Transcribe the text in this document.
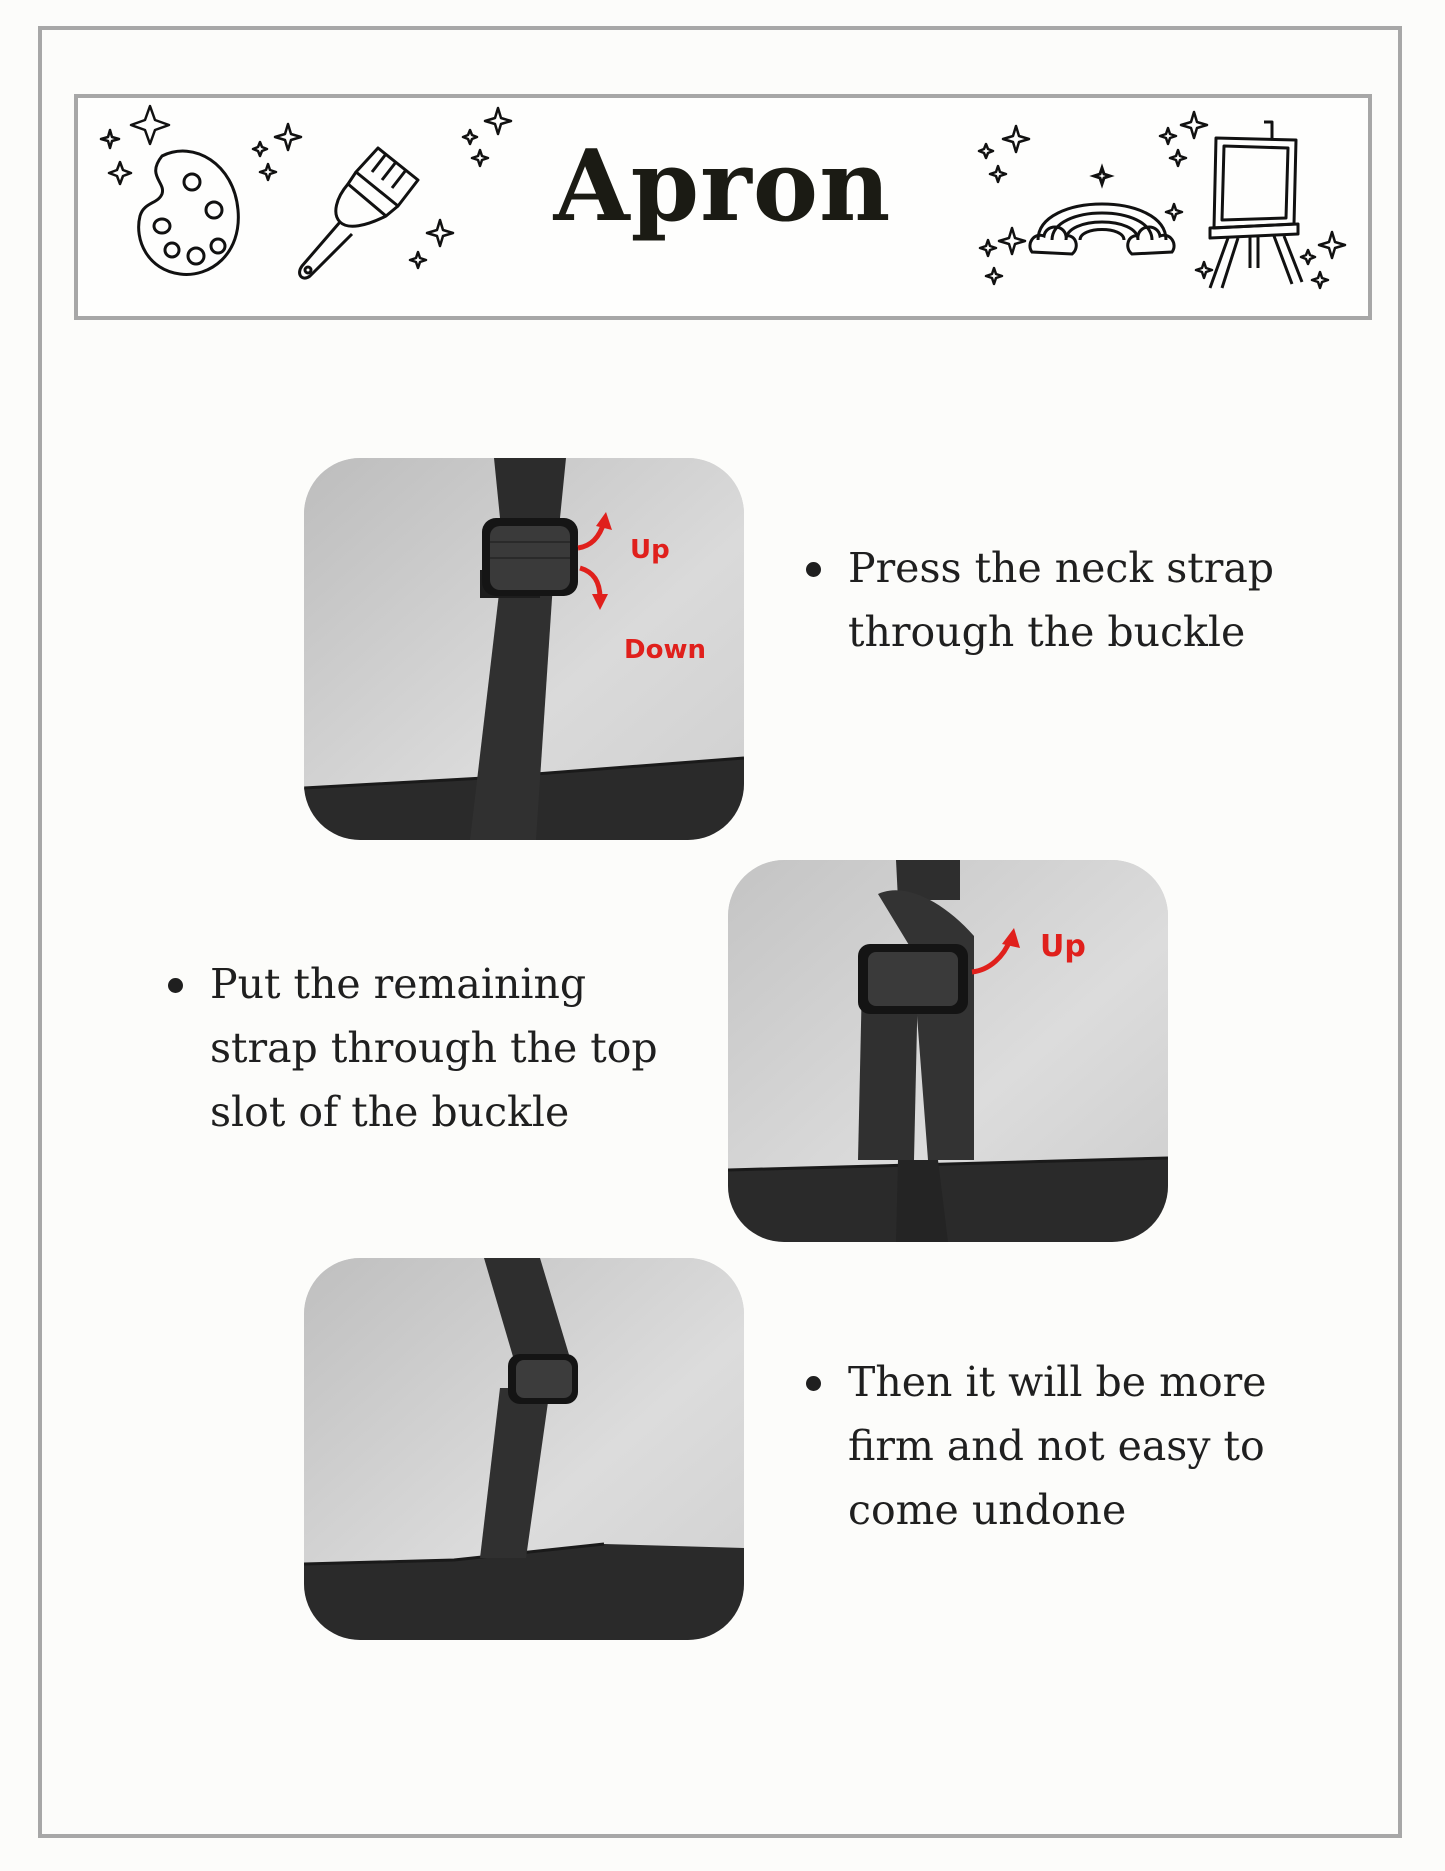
Apron
Up
Down

Press the neck strap

through the buckle

Up

Put the remaining

strap through the top

slot of the buckle

Then it will be more

firm and not easy to

come undone
